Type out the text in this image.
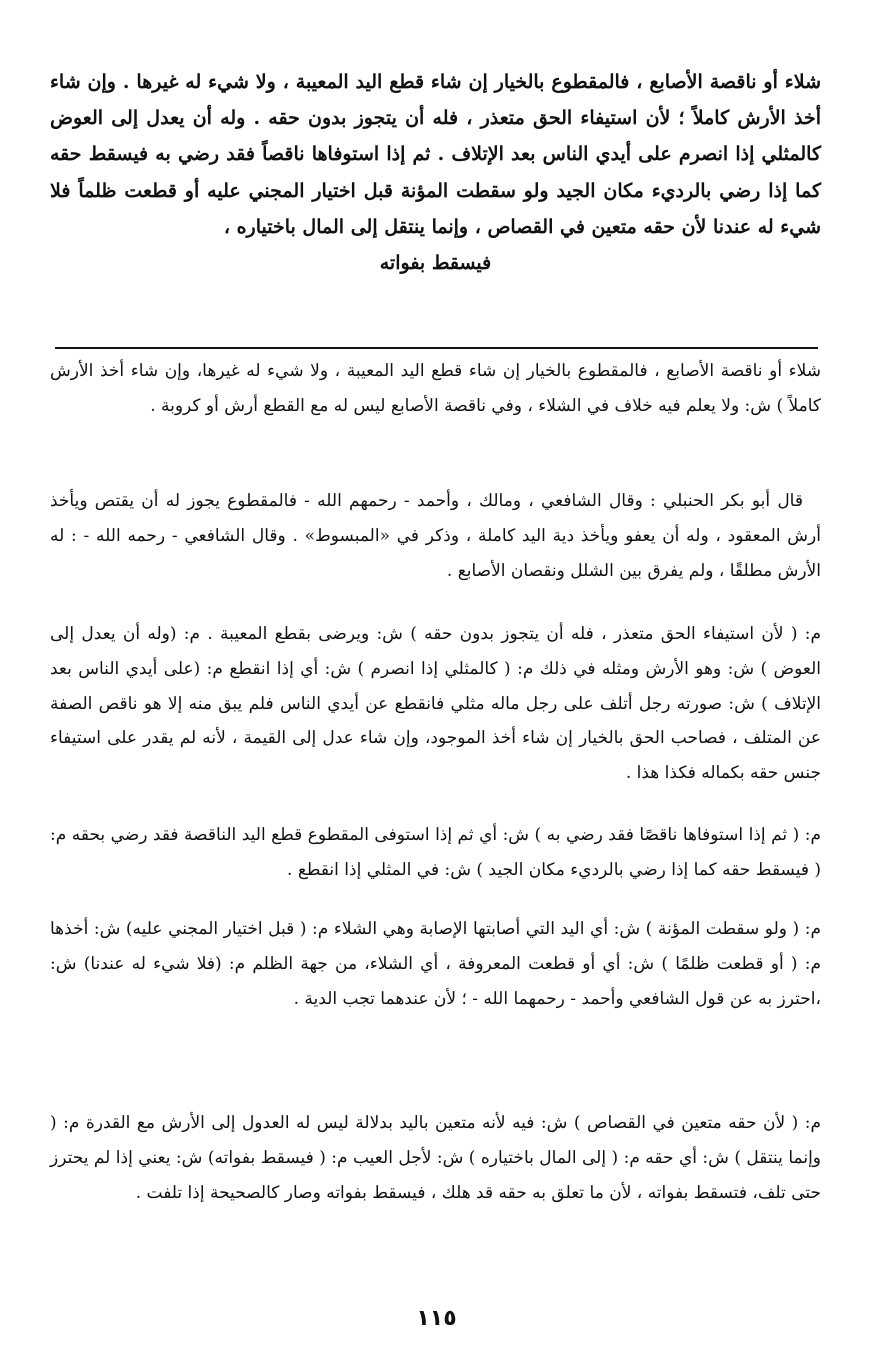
شلاء أو ناقصة الأصابع ، فالمقطوع بالخيار إن شاء قطع اليد المعيبة ، ولا شيء له غيرها . وإن شاء أخذ الأرش كاملاً ؛ لأن استيفاء الحق متعذر ، فله أن يتجوز بدون حقه . وله أن يعدل إلى العوض كالمثلي إذا انصرم على أيدي الناس بعد الإتلاف . ثم إذا استوفاها ناقصاً فقد رضي به فيسقط حقه كما إذا رضي بالرديء مكان الجيد ولو سقطت المؤنة قبل اختيار المجني عليه أو قطعت ظلماً فلا شيء له عندنا لأن حقه متعين في القصاص ، وإنما ينتقل إلى المال باختياره ،
فيسقط بفواته

شلاء أو ناقصة الأصابع ، فالمقطوع بالخيار إن شاء قطع اليد المعيبة ، ولا شيء له غيرها، وإن شاء أخذ الأرش كاملاً ) ش: ولا يعلم فيه خلاف في الشلاء ، وفي ناقصة الأصابع ليس له مع القطع أرش أو كروبة .

قال أبو بكر الحنبلي : وقال الشافعي ، ومالك ، وأحمد - رحمهم الله - فالمقطوع يجوز له أن يقتص ويأخذ أرش المعقود ، وله أن يعفو ويأخذ دية اليد كاملة ، وذكر في «المبسوط» . وقال الشافعي - رحمه الله - : له الأرش مطلقًا ، ولم يفرق بين الشلل ونقصان الأصابع .

م: ( لأن استيفاء الحق متعذر ، فله أن يتجوز بدون حقه ) ش: ويرضى بقطع المعيبة . م: (وله أن يعدل إلى العوض ) ش: وهو الأرش ومثله في ذلك م: ( كالمثلي إذا انصرم ) ش: أي إذا انقطع م: (على أيدي الناس بعد الإتلاف ) ش: صورته رجل أتلف على رجل ماله مثلي فانقطع عن أيدي الناس فلم يبق منه إلا هو ناقص الصفة عن المتلف ، فصاحب الحق بالخيار إن شاء أخذ الموجود، وإن شاء عدل إلى القيمة ، لأنه لم يقدر على استيفاء جنس حقه بكماله فكذا هذا .

م: ( ثم إذا استوفاها ناقصًا فقد رضي به ) ش: أي ثم إذا استوفى المقطوع قطع اليد الناقصة فقد رضي بحقه م: ( فيسقط حقه كما إذا رضي بالرديء مكان الجيد ) ش: في المثلي إذا انقطع .

م: ( ولو سقطت المؤنة ) ش: أي اليد التي أصابتها الإصابة وهي الشلاء م: ( قبل اختيار المجني عليه) ش: أخذها م: ( أو قطعت ظلمًا ) ش: أي أو قطعت المعروفة ، أي الشلاء، من جهة الظلم م: (فلا شيء له عندنا) ش: ،احترز به عن قول الشافعي وأحمد - رحمهما الله - ؛ لأن عندهما تجب الدية .

م: ( لأن حقه متعين في القصاص ) ش: فيه لأنه متعين باليد بدلالة ليس له العدول إلى الأرش مع القدرة م: ( وإنما ينتقل ) ش: أي حقه م: ( إلى المال باختياره ) ش: لأجل العيب م: ( فيسقط بفواته) ش: يعني إذا لم يحترز حتى تلف، فتسقط بفواته ، لأن ما تعلق به حقه قد هلك ، فيسقط بفواته وصار كالصحيحة إذا تلفت .

١١٥
